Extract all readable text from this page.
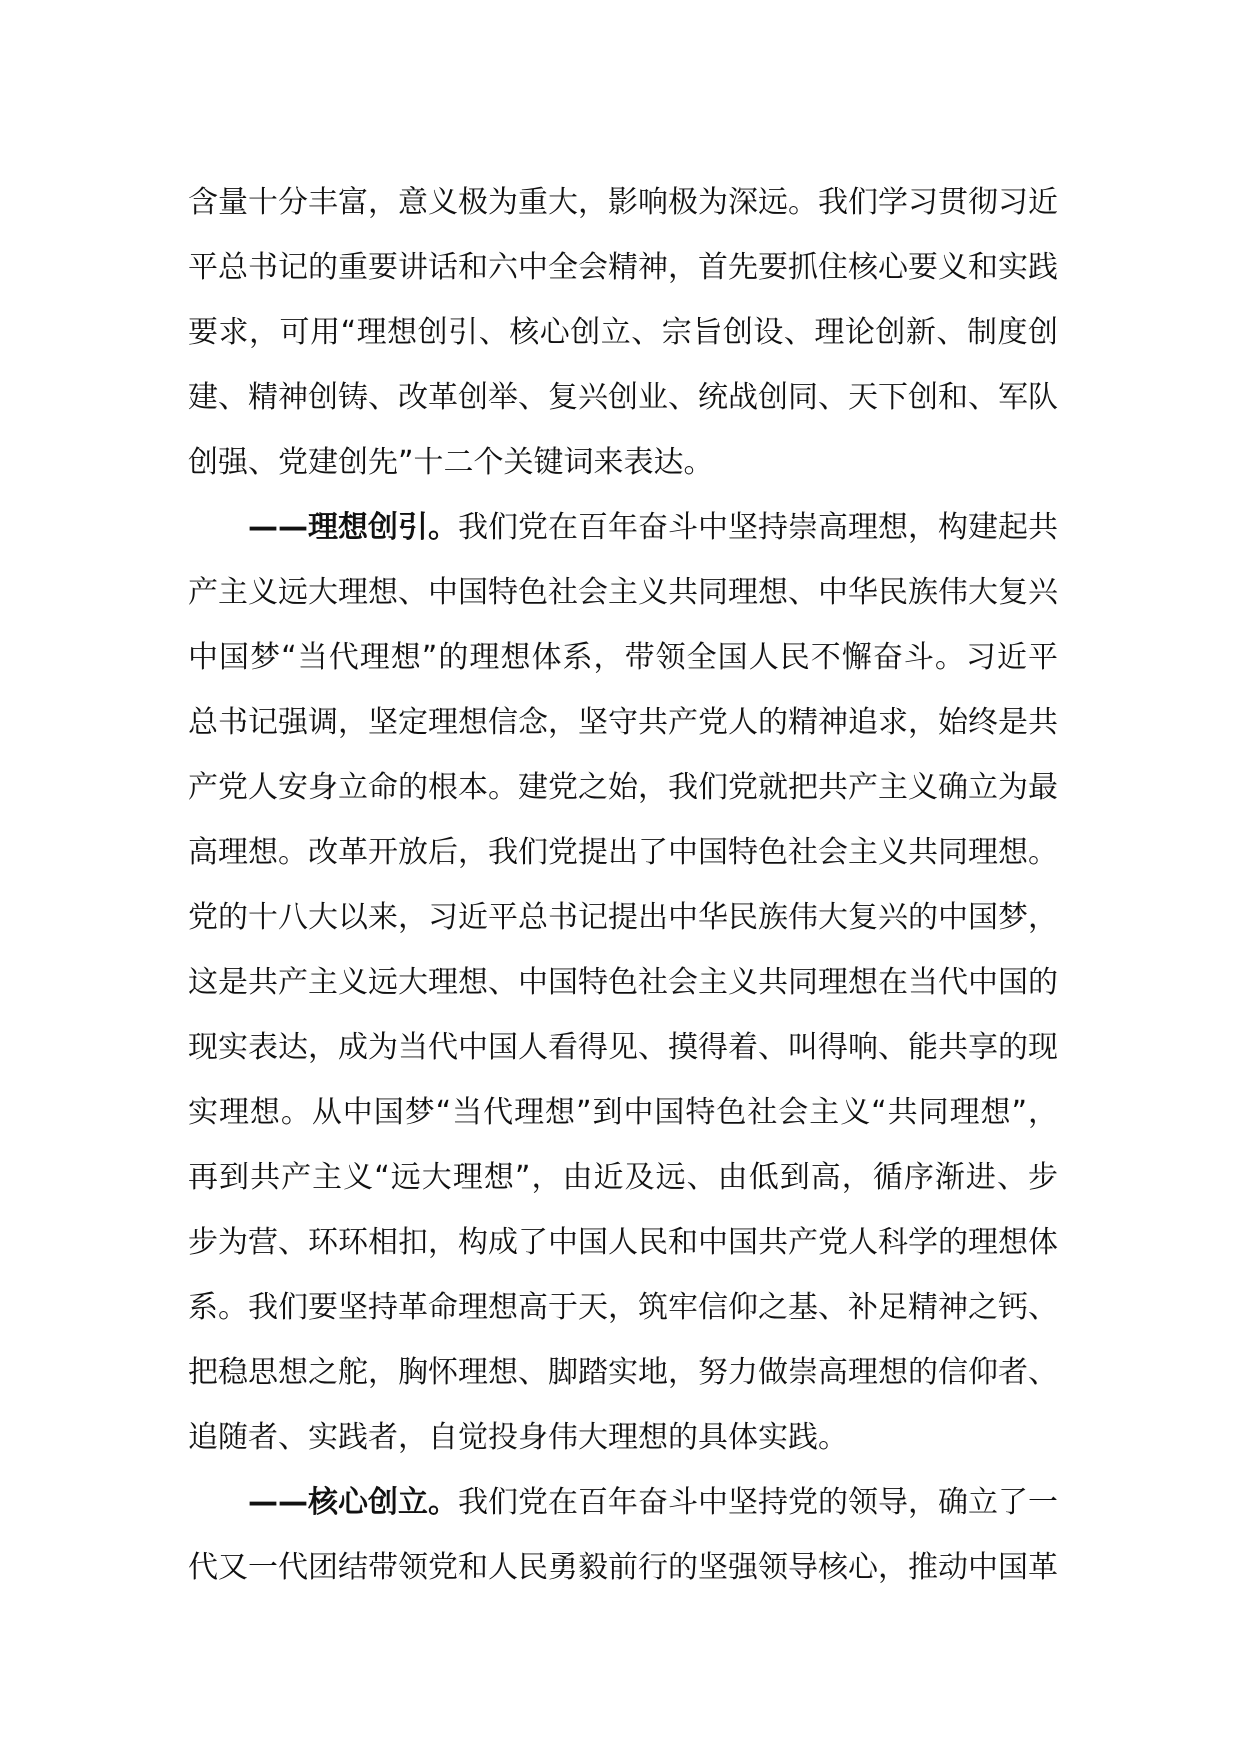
含量十分丰富，意义极为重大，影响极为深远。我们学习贯彻习近平总书记的重要讲话和六中全会精神，首先要抓住核心要义和实践要求，可用“理想创引、核心创立、宗旨创设、理论创新、制度创建、精神创铸、改革创举、复兴创业、统战创同、天下创和、军队创强、党建创先”十二个关键词来表达。

——理想创引。我们党在百年奋斗中坚持崇高理想，构建起共产主义远大理想、中国特色社会主义共同理想、中华民族伟大复兴中国梦“当代理想”的理想体系，带领全国人民不懈奋斗。习近平总书记强调，坚定理想信念，坚守共产党人的精神追求，始终是共产党人安身立命的根本。建党之始，我们党就把共产主义确立为最高理想。改革开放后，我们党提出了中国特色社会主义共同理想。党的十八大以来，习近平总书记提出中华民族伟大复兴的中国梦，这是共产主义远大理想、中国特色社会主义共同理想在当代中国的现实表达，成为当代中国人看得见、摸得着、叫得响、能共享的现实理想。从中国梦“当代理想”到中国特色社会主义“共同理想”，再到共产主义“远大理想”，由近及远、由低到高，循序渐进、步步为营、环环相扣，构成了中国人民和中国共产党人科学的理想体系。我们要坚持革命理想高于天，筑牢信仰之基、补足精神之钙、把稳思想之舵，胸怀理想、脚踏实地，努力做崇高理想的信仰者、追随者、实践者，自觉投身伟大理想的具体实践。

——核心创立。我们党在百年奋斗中坚持党的领导，确立了一代又一代团结带领党和人民勇毅前行的坚强领导核心，推动中国革
